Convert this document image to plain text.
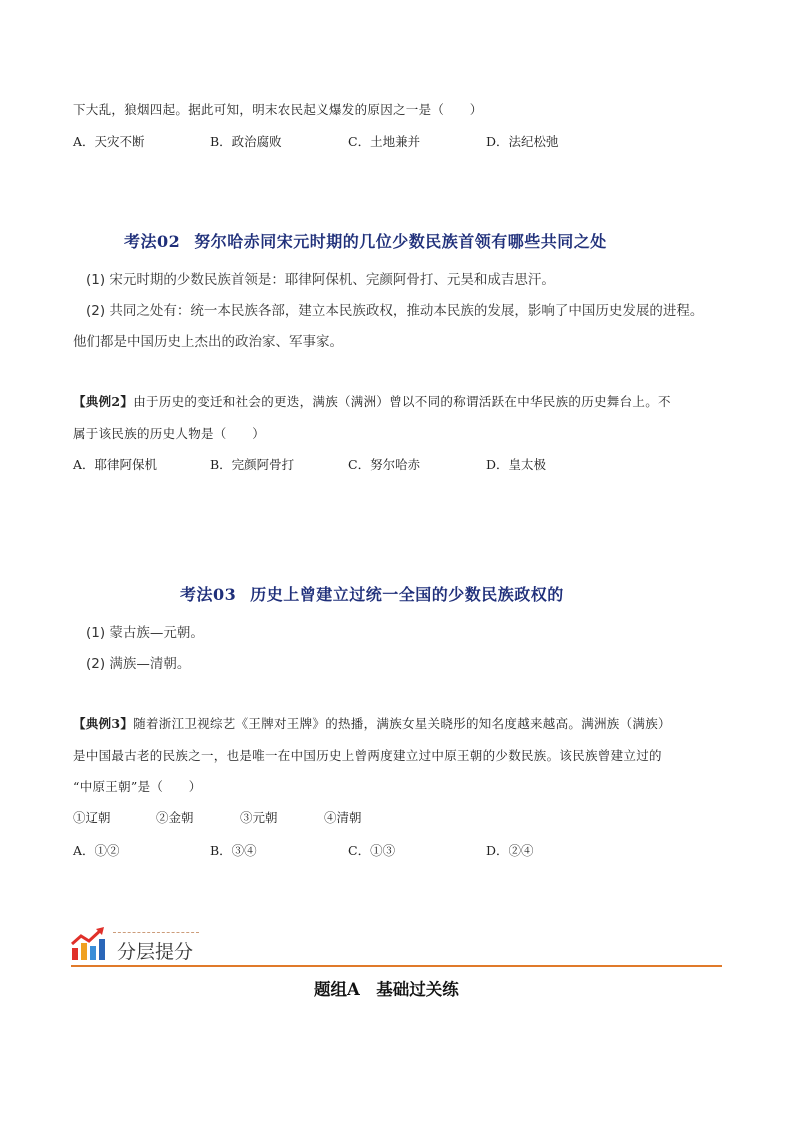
下大乱，狼烟四起。据此可知，明末农民起义爆发的原因之一是（　　）
A．天灾不断	B．政治腐败	C．土地兼并	D．法纪松弛
考法02 努尔哈赤同宋元时期的几位少数民族首领有哪些共同之处
(1) 宋元时期的少数民族首领是：耶律阿保机、完颜阿骨打、元昊和成吉思汗。
(2) 共同之处有：统一本民族各部，建立本民族政权，推动本民族的发展，影响了中国历史发展的进程。
他们都是中国历史上杰出的政治家、军事家。
【典例2】由于历史的变迁和社会的更迭，满族（满洲）曾以不同的称谓活跃在中华民族的历史舞台上。不
属于该民族的历史人物是（　　）
A．耶律阿保机	B．完颜阿骨打	C．努尔哈赤	D．皇太极
考法03 历史上曾建立过统一全国的少数民族政权的
(1) 蒙古族—元朝。
(2) 满族—清朝。
【典例3】随着浙江卫视综艺《王牌对王牌》的热播，满族女星关晓彤的知名度越来越高。满洲族（满族）
是中国最古老的民族之一，也是唯一在中国历史上曾两度建立过中原王朝的少数民族。该民族曾建立过的
“中原王朝”是（　　）
①辽朝	②金朝	③元朝	④清朝
A．①②	B．③④	C．①③	D．②④
分层提分
题组A　基础过关练
